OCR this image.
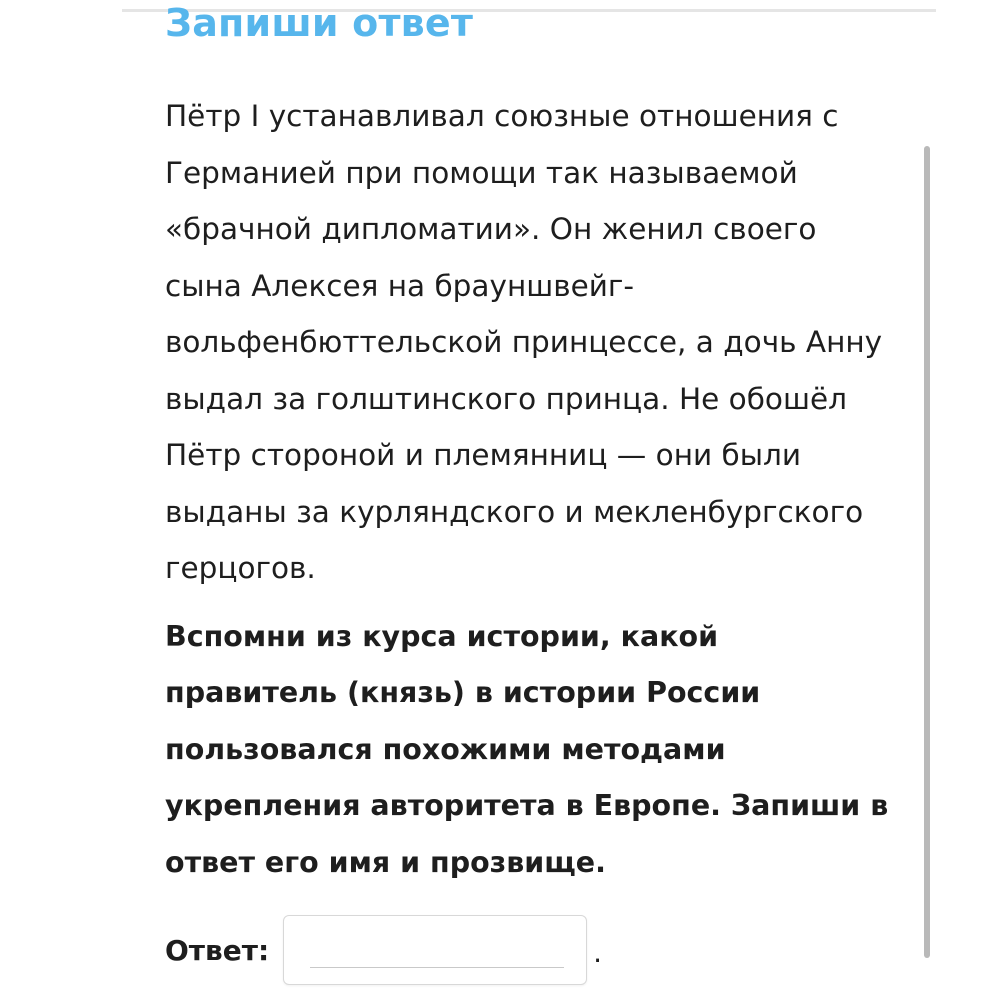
Запиши ответ

Пётр I устанавливал союзные отношения с Германией при помощи так называемой «брачной дипломатии». Он женил своего сына Алексея на брауншвейг-вольфенбюттельской принцессе, а дочь Анну выдал за голштинского принца. Не обошёл Пётр стороной и племянниц — они были выданы за курляндского и мекленбургского герцогов.

Вспомни из курса истории, какой правитель (князь) в истории России пользовался похожими методами укрепления авторитета в Европе. Запиши в ответ его имя и прозвище.

Ответ:	.
